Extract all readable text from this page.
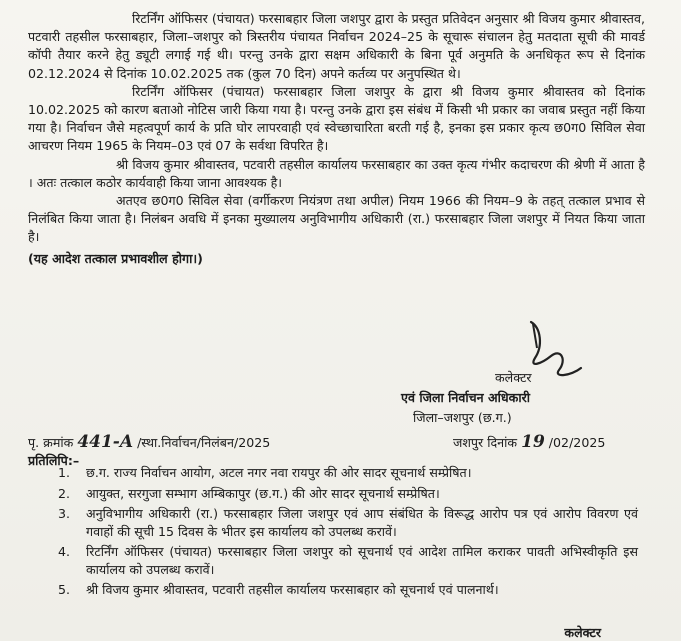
रिटर्निंग ऑफिसर (पंचायत) फरसाबहार जिला जशपुर द्वारा के प्रस्तुत प्रतिवेदन अनुसार श्री विजय कुमार श्रीवास्तव, पटवारी तहसील फरसाबहार, जिला–जशपुर को त्रिस्तरीय पंचायत निर्वाचन 2024–25 के सूचारू संचालन हेतु मतदाता सूची की मावर्ड कॉपी तैयार करने हेतु ड्यूटी लगाई गई थी। परन्तु उनके द्वारा सक्षम अधिकारी के बिना पूर्व अनुमति के अनधिकृत रूप से दिनांक 02.12.2024 से दिनांक 10.02.2025 तक (कुल 70 दिन) अपने कर्तव्य पर अनुपस्थित थे।

रिटर्निंग ऑफिसर (पंचायत) फरसाबहार जिला जशपुर के द्वारा श्री विजय कुमार श्रीवास्तव को दिनांक 10.02.2025 को कारण बताओ नोटिस जारी किया गया है। परन्तु उनके द्वारा इस संबंध में किसी भी प्रकार का जवाब प्रस्तुत नहीं किया गया है। निर्वाचन जैसे महत्वपूर्ण कार्य के प्रति घोर लापरवाही एवं स्वेच्छाचारिता बरती गई है, इनका इस प्रकार कृत्य छ0ग0 सिविल सेवा आचरण नियम 1965 के नियम–03 एवं 07 के सर्वथा विपरित है।

श्री विजय कुमार श्रीवास्तव, पटवारी तहसील कार्यालय फरसाबहार का उक्त कृत्य गंभीर कदाचरण की श्रेणी में आता है । अतः तत्काल कठोर कार्यवाही किया जाना आवश्यक है।

अतएव छ0ग0 सिविल सेवा (वर्गीकरण नियंत्रण तथा अपील) नियम 1966 की नियम–9 के तहत् तत्काल प्रभाव से निलंबित किया जाता है। निलंबन अवधि में इनका मुख्यालय अनुविभागीय अधिकारी (रा.) फरसाबहार जिला जशपुर में नियत किया जाता है।

(यह आदेश तत्काल प्रभावशील होगा।)
कलेक्टर
एवं जिला निर्वाचन अधिकारी
जिला–जशपुर (छ.ग.)
पृ. क्रमांक 441-A /स्था.निर्वाचन/निलंबन/2025	जशपुर दिनांक 19 /02/2025
प्रतिलिपि:–
1. छ.ग. राज्य निर्वाचन आयोग, अटल नगर नवा रायपुर की ओर सादर सूचनार्थ सम्प्रेषित।
2. आयुक्त, सरगुजा सम्भाग अम्बिकापुर (छ.ग.) की ओर सादर सूचनार्थ सम्प्रेषित।
3. अनुविभागीय अधिकारी (रा.) फरसाबहार जिला जशपुर एवं आप संबंधित के विरूद्ध आरोप पत्र एवं आरोप विवरण एवं गवाहों की सूची 15 दिवस के भीतर इस कार्यालय को उपलब्ध करावें।
4. रिटर्निंग ऑफिसर (पंचायत) फरसाबहार जिला जशपुर को सूचनार्थ एवं आदेश तामिल कराकर पावती अभिस्वीकृति इस कार्यालय को उपलब्ध करावें।
5. श्री विजय कुमार श्रीवास्तव, पटवारी तहसील कार्यालय फरसाबहार को सूचनार्थ एवं पालनार्थ।
कलेक्टर
